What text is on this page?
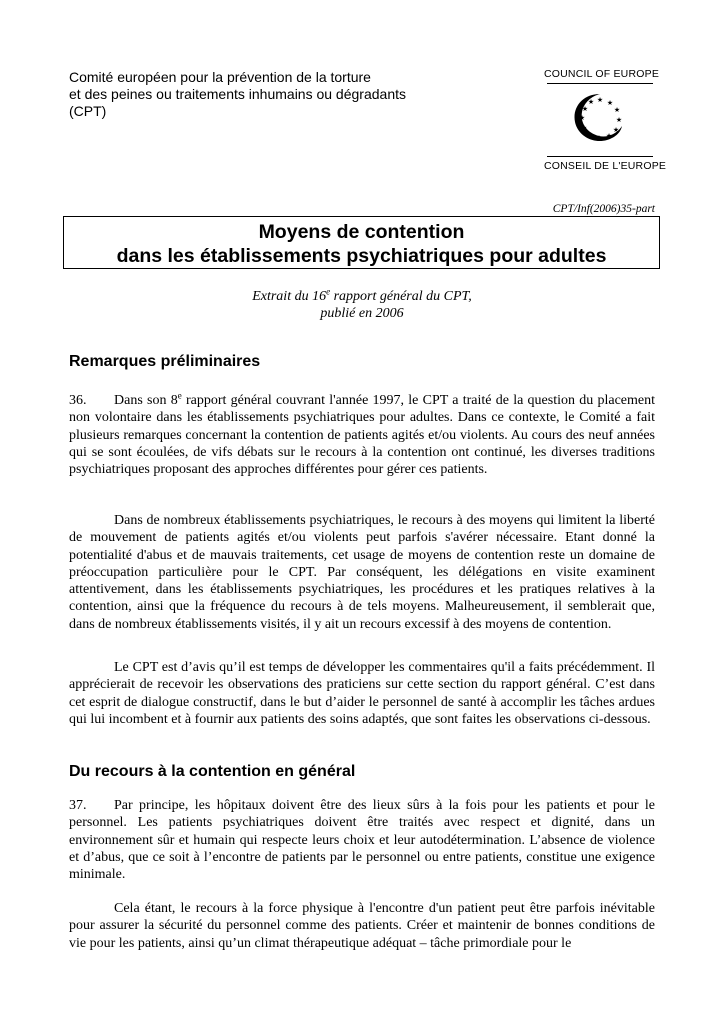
Comité européen pour la prévention de la torture
et des peines ou traitements inhumains ou dégradants
(CPT)
COUNCIL OF EUROPE
★ ★
★
★
★
★
★
★
★
★
★
★
CONSEIL DE L'EUROPE
CPT/Inf(2006)35-part
Moyens de contention
dans les établissements psychiatriques pour adultes
Extrait du 16e rapport général du CPT,
publié en 2006
Remarques préliminaires

36. Dans son 8e rapport général couvrant l'année 1997, le CPT a traité de la question du placement non volontaire dans les établissements psychiatriques pour adultes. Dans ce contexte, le Comité a fait plusieurs remarques concernant la contention de patients agités et/ou violents. Au cours des neuf années qui se sont écoulées, de vifs débats sur le recours à la contention ont continué, les diverses traditions psychiatriques proposant des approches différentes pour gérer ces patients.

Dans de nombreux établissements psychiatriques, le recours à des moyens qui limitent la liberté de mouvement de patients agités et/ou violents peut parfois s'avérer nécessaire. Etant donné la potentialité d'abus et de mauvais traitements, cet usage de moyens de contention reste un domaine de préoccupation particulière pour le CPT. Par conséquent, les délégations en visite examinent attentivement, dans les établissements psychiatriques, les procédures et les pratiques relatives à la contention, ainsi que la fréquence du recours à de tels moyens. Malheureusement, il semblerait que, dans de nombreux établissements visités, il y ait un recours excessif à des moyens de contention.

Le CPT est d’avis qu’il est temps de développer les commentaires qu'il a faits précédemment. Il apprécierait de recevoir les observations des praticiens sur cette section du rapport général. C’est dans cet esprit de dialogue constructif, dans le but d’aider le personnel de santé à accomplir les tâches ardues qui lui incombent et à fournir aux patients des soins adaptés, que sont faites les observations ci-dessous.

Du recours à la contention en général

37. Par principe, les hôpitaux doivent être des lieux sûrs à la fois pour les patients et pour le personnel. Les patients psychiatriques doivent être traités avec respect et dignité, dans un environnement sûr et humain qui respecte leurs choix et leur autodétermination. L’absence de violence et d’abus, que ce soit à l’encontre de patients par le personnel ou entre patients, constitue une exigence minimale.

Cela étant, le recours à la force physique à l'encontre d'un patient peut être parfois inévitable pour assurer la sécurité du personnel comme des patients. Créer et maintenir de bonnes conditions de vie pour les patients, ainsi qu’un climat thérapeutique adéquat – tâche primordiale pour le
